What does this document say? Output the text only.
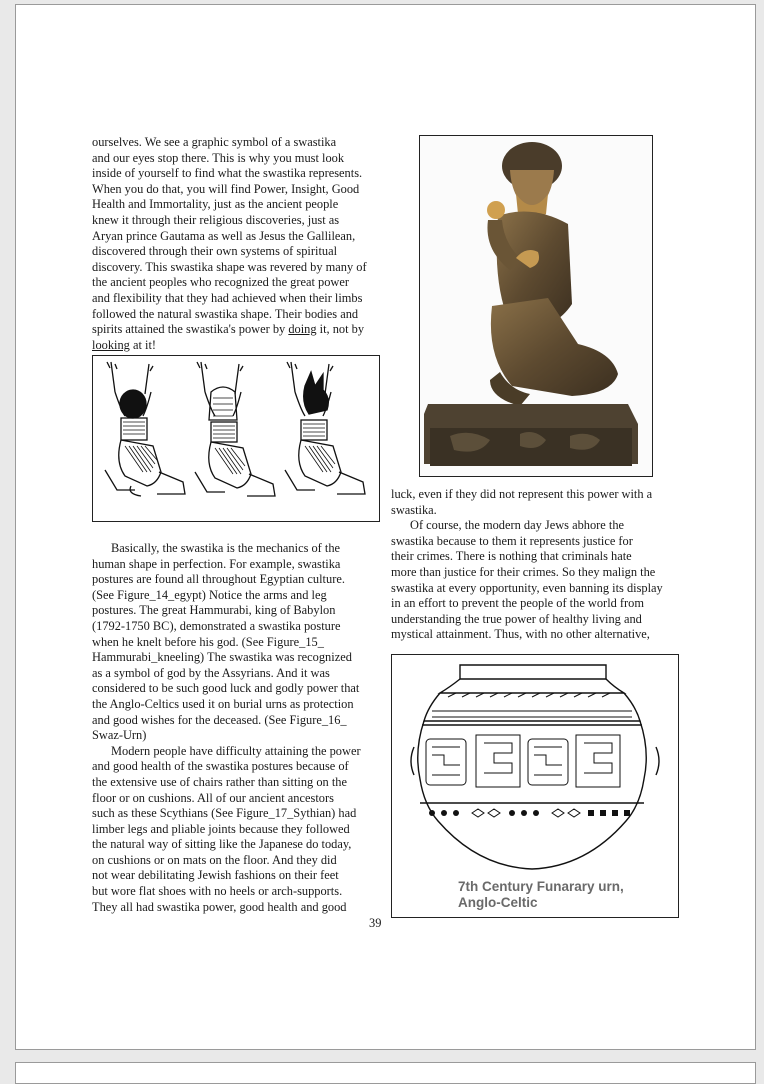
ourselves. We see a graphic symbol of a swastika

and our eyes stop there. This is why you must look

inside of yourself to find what the swastika represents.

When you do that, you will find Power, Insight, Good

Health and Immortality, just as the ancient people

knew it through their religious discoveries, just as

Aryan prince Gautama as well as Jesus the Gallilean,

discovered through their own systems of spiritual

discovery. This swastika shape was revered by many of

the ancient peoples who recognized the great power

and flexibility that they had achieved when their limbs

followed the natural swastika shape. Their bodies and

spirits attained the swastika's power by doing it, not by

looking at it!

Basically, the swastika is the mechanics of the

human shape in perfection. For example, swastika

postures are found all throughout Egyptian culture.

(See Figure_14_egypt) Notice the arms and leg

postures. The great Hammurabi, king of Babylon

(1792-1750 BC), demonstrated a swastika posture

when he knelt before his god. (See Figure_15_

Hammurabi_kneeling) The swastika was recognized

as a symbol of god by the Assyrians. And it was

considered to be such good luck and godly power that

the Anglo-Celtics used it on burial urns as protection

and good wishes for the deceased. (See Figure_16_

Swaz-Urn)

Modern people have difficulty attaining the power

and good health of the swastika postures because of

the extensive use of chairs rather than sitting on the

floor or on cushions. All of our ancient ancestors

such as these Scythians (See Figure_17_Sythian) had

limber legs and pliable joints because they followed

the natural way of sitting like the Japanese do today,

on cushions or on mats on the floor. And they did

not wear debilitating Jewish fashions on their feet

but wore flat shoes with no heels or arch-supports.

They all had swastika power, good health and good

luck, even if they did not represent this power with a

swastika.

Of course, the modern day Jews abhore the

swastika because to them it represents justice for

their crimes. There is nothing that criminals hate

more than justice for their crimes. So they malign the

swastika at every opportunity, even banning its display

in an effort to prevent the people of the world from

understanding the true power of healthy living and

mystical attainment. Thus, with no other alternative,

7th Century Funarary urn,
Anglo-Celtic
39
